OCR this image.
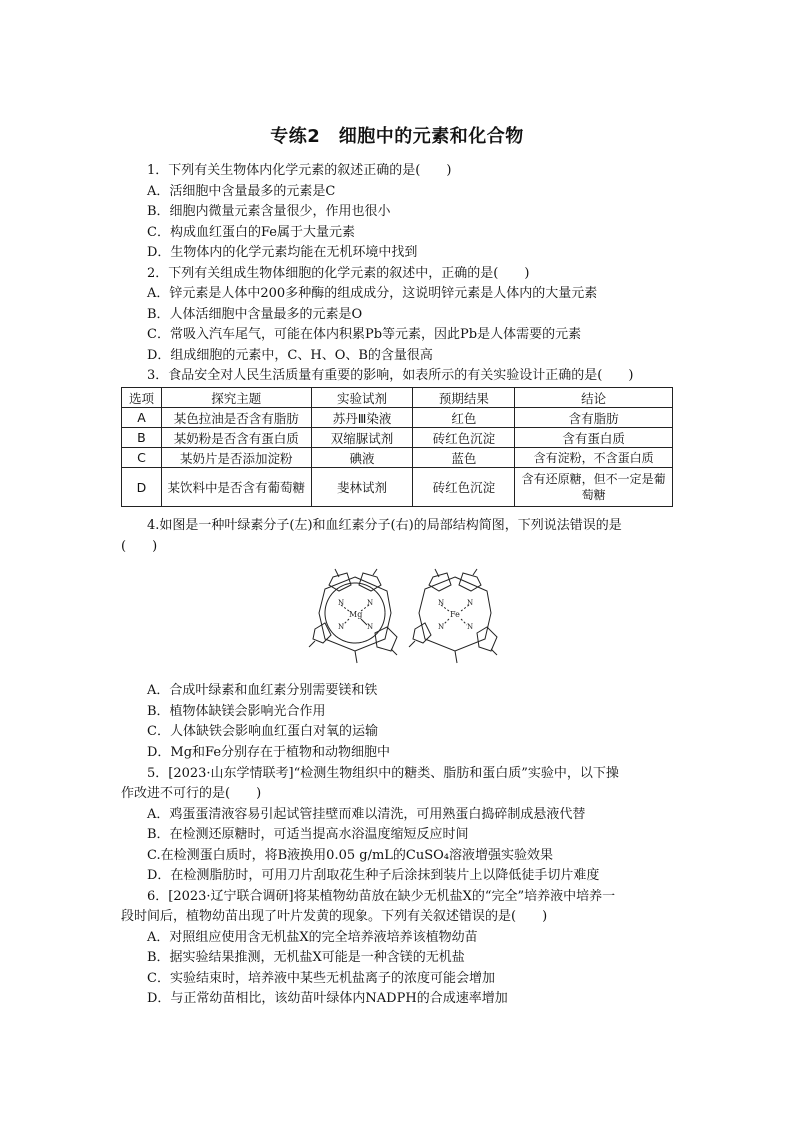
专练2　细胞中的元素和化合物
1．下列有关生物体内化学元素的叙述正确的是(　　)
A．活细胞中含量最多的元素是C
B．细胞内微量元素含量很少，作用也很小
C．构成血红蛋白的Fe属于大量元素
D．生物体内的化学元素均能在无机环境中找到
2．下列有关组成生物体细胞的化学元素的叙述中，正确的是(　　)
A．锌元素是人体中200多种酶的组成成分，这说明锌元素是人体内的大量元素
B．人体活细胞中含量最多的元素是O
C．常吸入汽车尾气，可能在体内积累Pb等元素，因此Pb是人体需要的元素
D．组成细胞的元素中，C、H、O、B的含量很高
3．食品安全对人民生活质量有重要的影响，如表所示的有关实验设计正确的是(　　)
选项	探究主题	实验试剂	预期结果	结论
A	某色拉油是否含有脂肪	苏丹Ⅲ染液	红色	含有脂肪
B	某奶粉是否含有蛋白质	双缩脲试剂	砖红色沉淀	含有蛋白质
C	某奶片是否添加淀粉	碘液	蓝色	含有淀粉，不含蛋白质
D	某饮料中是否含有葡萄糖	斐林试剂	砖红色沉淀	含有还原糖，但不一定是葡萄糖
4.如图是一种叶绿素分子(左)和血红素分子(右)的局部结构简图，下列说法错误的是
(　　)
N	N
N	N
Mg
N	N
N	N
Fe
A．合成叶绿素和血红素分别需要镁和铁
B．植物体缺镁会影响光合作用
C．人体缺铁会影响血红蛋白对氧的运输
D．Mg和Fe分别存在于植物和动物细胞中
5．[2023·山东学情联考]“检测生物组织中的糖类、脂肪和蛋白质”实验中，以下操
作改进不可行的是(　　)
A．鸡蛋蛋清液容易引起试管挂壁而难以清洗，可用熟蛋白捣碎制成悬液代替
B．在检测还原糖时，可适当提高水浴温度缩短反应时间
C.在检测蛋白质时，将B液换用0.05 g/mL的CuSO₄溶液增强实验效果
D．在检测脂肪时，可用刀片刮取花生种子后涂抹到装片上以降低徒手切片难度
6．[2023·辽宁联合调研]将某植物幼苗放在缺少无机盐X的“完全”培养液中培养一
段时间后，植物幼苗出现了叶片发黄的现象。下列有关叙述错误的是(　　)
A．对照组应使用含无机盐X的完全培养液培养该植物幼苗
B．据实验结果推测，无机盐X可能是一种含镁的无机盐
C．实验结束时，培养液中某些无机盐离子的浓度可能会增加
D．与正常幼苗相比，该幼苗叶绿体内NADPH的合成速率增加
